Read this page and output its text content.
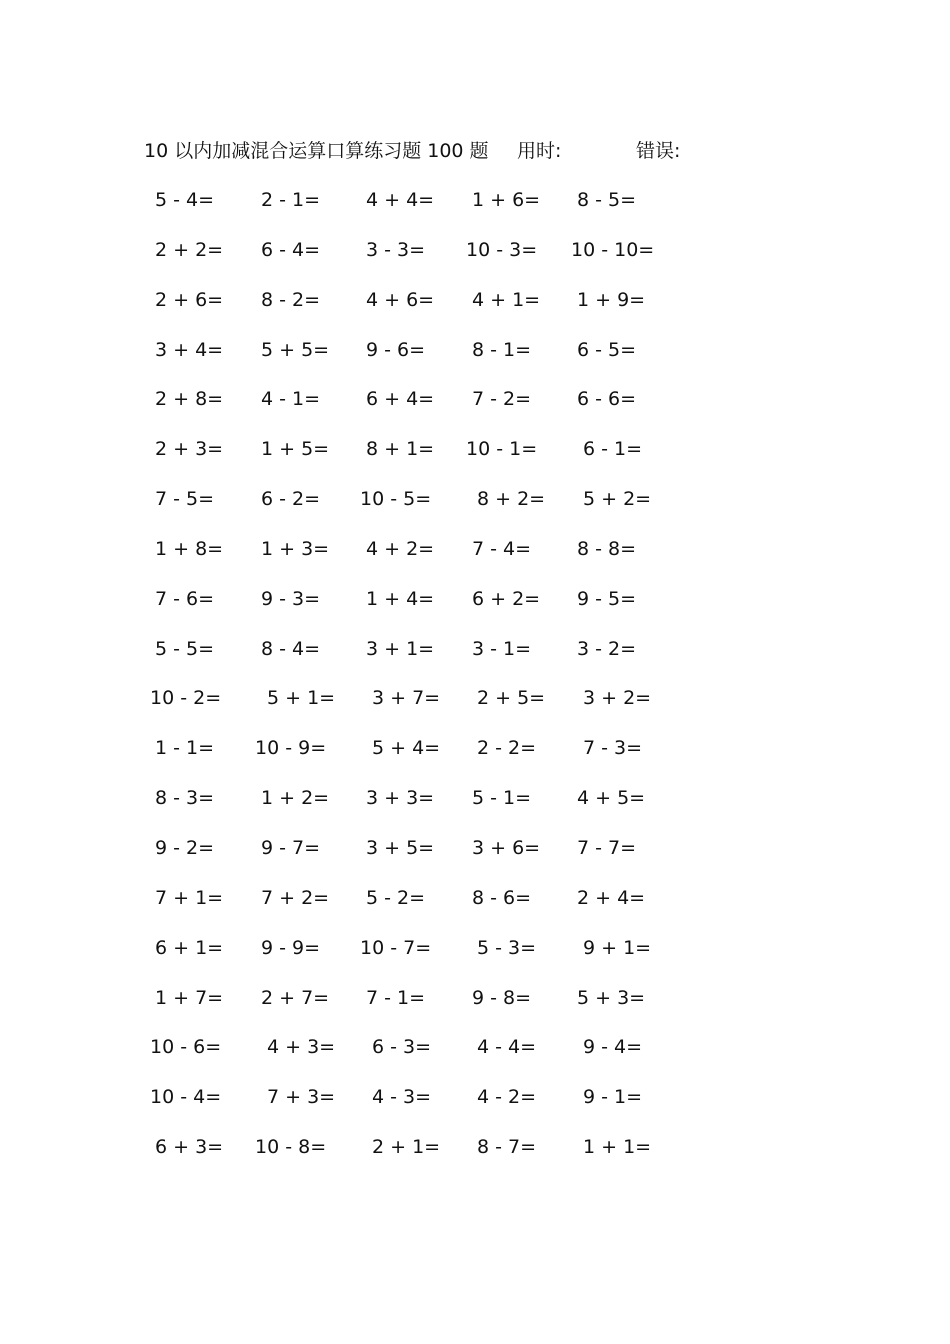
10 以内加减混合运算口算练习题 100 题 用时:	错误:
5 - 4= 2 - 1= 4 + 4= 1 + 6= 8 - 5=
2 + 2= 6 - 4= 3 - 3= 10 - 3= 10 - 10=
2 + 6= 8 - 2= 4 + 6= 4 + 1= 1 + 9=
3 + 4= 5 + 5= 9 - 6= 8 - 1= 6 - 5=
2 + 8= 4 - 1= 6 + 4= 7 - 2= 6 - 6=
2 + 3= 1 + 5= 8 + 1= 10 - 1= 6 - 1=
7 - 5= 6 - 2= 10 - 5= 8 + 2= 5 + 2=
1 + 8= 1 + 3= 4 + 2= 7 - 4= 8 - 8=
7 - 6= 9 - 3= 1 + 4= 6 + 2= 9 - 5=
5 - 5= 8 - 4= 3 + 1= 3 - 1= 3 - 2=
10 - 2= 5 + 1= 3 + 7= 2 + 5= 3 + 2=
1 - 1= 10 - 9= 5 + 4= 2 - 2= 7 - 3=
8 - 3= 1 + 2= 3 + 3= 5 - 1= 4 + 5=
9 - 2= 9 - 7= 3 + 5= 3 + 6= 7 - 7=
7 + 1= 7 + 2= 5 - 2= 8 - 6= 2 + 4=
6 + 1= 9 - 9= 10 - 7= 5 - 3= 9 + 1=
1 + 7= 2 + 7= 7 - 1= 9 - 8= 5 + 3=
10 - 6= 4 + 3= 6 - 3= 4 - 4= 9 - 4=
10 - 4= 7 + 3= 4 - 3= 4 - 2= 9 - 1=
6 + 3= 10 - 8= 2 + 1= 8 - 7= 1 + 1=
